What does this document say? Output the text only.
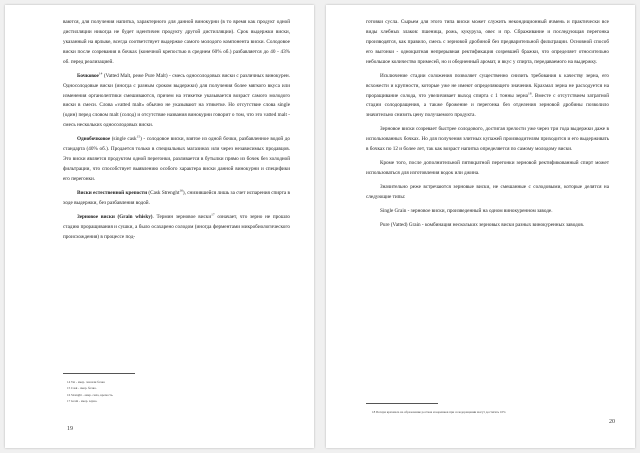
ваются, для получения напитка, характерного для данной винокурни (в то время как продукт одной дистилляции никогда не будет идентичен продукту другой дистилляции). Срок выдержки виски, указанный на ярлыке, всегда соответствует выдержке самого молодого компонента виски. Солодовое виски после созревания в бочках (конечной крепостью в среднем 60% об.) разбавляется до 40 - 43% об. перед реализацией.

Бочковое$^{14}$ (Vatted Malt, реже Pure Malt) - смесь односолодовых виски с различных винокурен. Односолодовые виски (иногда с разным сроком выдержки) для получения более мягкого вкуса или изменения органолептики смешиваются, причем на этикетке указывается возраст самого молодого виски в смеси. Слова «vatted malt» обычно не указывают на этикетке. Но отсутствие слова single (один) перед словом malt (солод) и отсутствие названия винокурни говорит о том, что это vatted malt - смесь нескольких односолодовых виски.

Однобочковое (single cask$^{15}$) - солодовое виски, взятое из одной бочки, разбавленное водой до стандарта (40% об.). Продается только в специальных магазинах или через независимых продавцов. Это виски является продуктом одной перегонки, разливается в бутылки прямо из бочек без холодной фильтрации, что способствует выявлению особого характера виски данной винокурни и специфики его перегонки.

Виски естественной крепости (Cask Strenght$^{16}$), снизившейся лишь за счет испарения спирта в ходе выдержки, без разбавления водой.

Зерновое виски (Grain whisky). Термин зерновое виски$^{17}$ означает, что зерно не прошло стадию проращивания и сушки, а было осахарено солодом (иногда ферментами микробиологического происхождения) в процессе под-

14 Vat - амер. чан или бочка
15 Cask - амер. бочка.
16 Strenght - амер. сила, крепость.
17 Grain - амер. зерно.
19

готовки сусла. Сырьем для этого типа виски может служить некондиционный ячмень и практически все виды хлебных злаков: пшеница, рожь, кукуруза, овес и пр. Сбраживание и последующая перегонка производятся, как правило, смесь с зерновой дробиной без предварительной фильтрации. Основной способ его выгонки - однократная непрерывная ректификация созревшей бражки, что определяет относительно небольшое количество примесей, но и обедненный аромат, и вкус у спирта, передаваемого на выдержку.

Исключение стадии соложения позволяет существенно снизить требования к качеству зерна, его всхожести и крупности, которые уже не имеют определяющего значения. Крахмал зерна не расходуется на проращивание солода, что увеличивает выход спирта с 1 тонны зерна$^{18}$. Вместе с отсутствием затратной стадии солодоращения, а также брожение и перегонка без отделения зерновой дробины позволило значительно снизить цену получаемого продукта.

Зерновое виски созревает быстрее солодового, достигая зрелости уже через три года выдержки даже в использованных бочках. Но для получения элитных купажей производителям приходится и его выдерживать в бочках по 12 и более лет, так как возраст напитка определяется по самому молодому виски.

Кроме того, после дополнительной пятикратной перегонки зерновой ректификованный спирт может использоваться для изготовления водок или джина.

Значительно реже встречаются зерновые виски, не смешанные с солодовыми, которые делятся на следующие типы:

Single Grain - зерновое виски, произведенный на одном винокуренном заводе.

Pure (Vatted) Grain - комбинация нескольких зерновых виски разных винокуренных заводов.

18 Потери крахмала на образование ростков и корешков при солодоращении могут достигать 10%
20
